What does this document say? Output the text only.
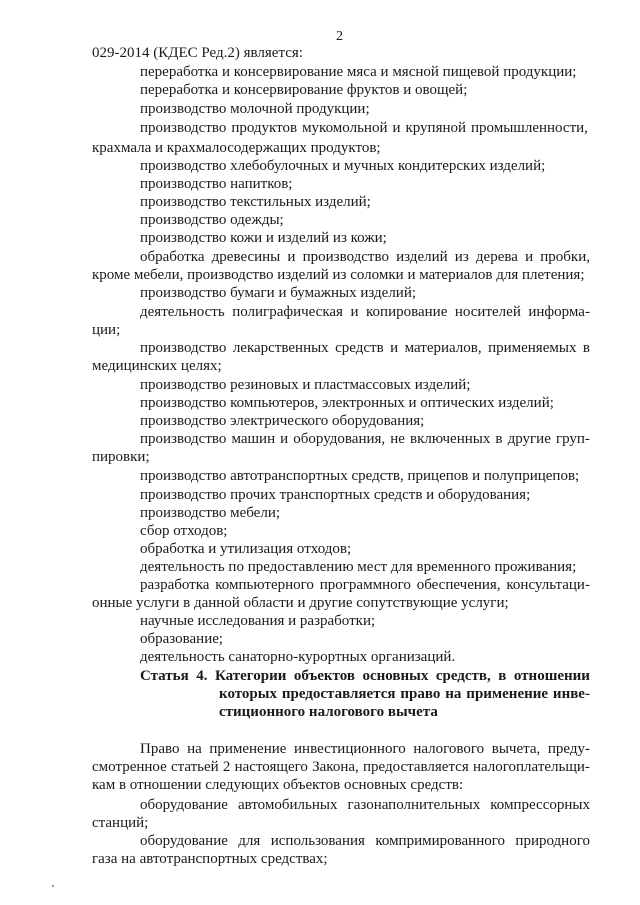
2
029-2014 (КДЕС Ред.2) является:
переработка и консервирование мяса и мясной пищевой продукции;
переработка и консервирование фруктов и овощей;
производство молочной продукции;
производство продуктов мукомольной и крупяной промышленности,
крахмала и крахмалосодержащих продуктов;
производство хлебобулочных и мучных кондитерских изделий;
производство напитков;
производство текстильных изделий;
производство одежды;
производство кожи и изделий из кожи;
обработка древесины и производство изделий из дерева и пробки,
кроме мебели, производство изделий из соломки и материалов для плетения;
производство бумаги и бумажных изделий;
деятельность полиграфическая и копирование носителей информа-
ции;
производство лекарственных средств и материалов, применяемых в
медицинских целях;
производство резиновых и пластмассовых изделий;
производство компьютеров, электронных и оптических изделий;
производство электрического оборудования;
производство машин и оборудования, не включенных в другие груп-
пировки;
производство автотранспортных средств, прицепов и полуприцепов;
производство прочих транспортных средств и оборудования;
производство мебели;
сбор отходов;
обработка и утилизация отходов;
деятельность по предоставлению мест для временного проживания;
разработка компьютерного программного обеспечения, консультаци-
онные услуги в данной области и другие сопутствующие услуги;
научные исследования и разработки;
образование;
деятельность санаторно-курортных организаций.
Статья 4. Категории объектов основных средств, в отношении
которых предоставляется право на применение инве-
стиционного налогового вычета
Право на применение инвестиционного налогового вычета, преду-
смотренное статьей 2 настоящего Закона, предоставляется налогоплательщи-
кам в отношении следующих объектов основных средств:
оборудование автомобильных газонаполнительных компрессорных
станций;
оборудование для использования компримированного природного
газа на автотранспортных средствах;
